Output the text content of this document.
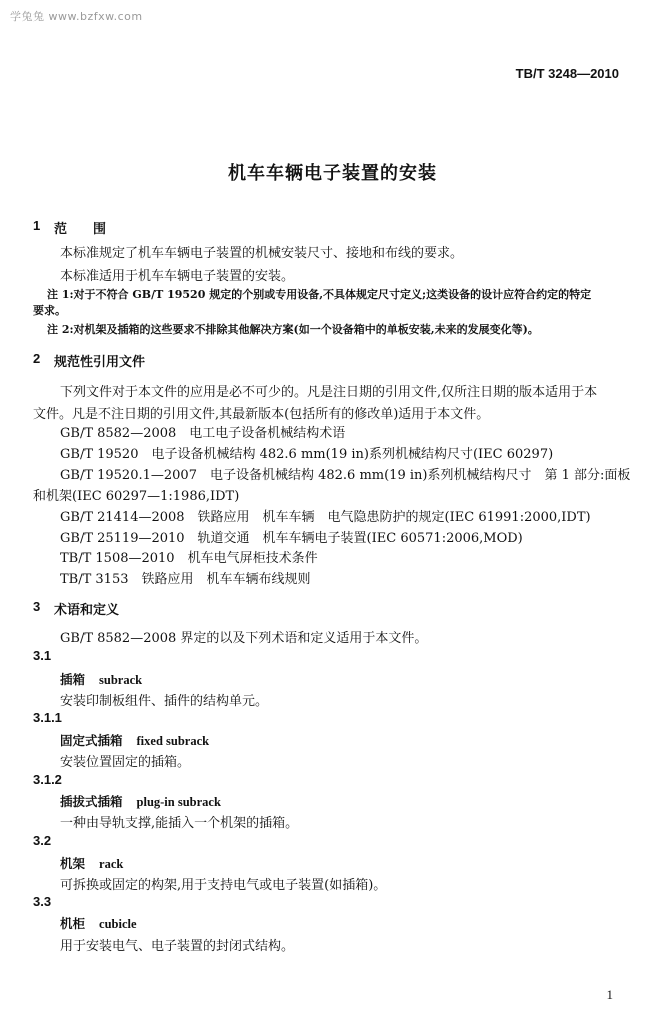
学兔兔 www.bzfxw.com
TB/T 3248—2010
机车车辆电子装置的安装
1 范　　围
本标准规定了机车车辆电子装置的机械安装尺寸、接地和布线的要求。
本标准适用于机车车辆电子装置的安装。
注 1:对于不符合 GB/T 19520 规定的个别或专用设备,不具体规定尺寸定义;这类设备的设计应符合约定的特定
要求。
注 2:对机架及插箱的这些要求不排除其他解决方案(如一个设备箱中的单板安装,未来的发展变化等)。
2 规范性引用文件
下列文件对于本文件的应用是必不可少的。凡是注日期的引用文件,仅所注日期的版本适用于本
文件。凡是不注日期的引用文件,其最新版本(包括所有的修改单)适用于本文件。
GB/T 8582—2008　电工电子设备机械结构术语
GB/T 19520　电子设备机械结构 482.6 mm(19 in)系列机械结构尺寸(IEC 60297)
GB/T 19520.1—2007　电子设备机械结构 482.6 mm(19 in)系列机械结构尺寸　第 1 部分:面板
和机架(IEC 60297—1:1986,IDT)
GB/T 21414—2008　铁路应用　机车车辆　电气隐患防护的规定(IEC 61991:2000,IDT)
GB/T 25119—2010　轨道交通　机车车辆电子装置(IEC 60571:2006,MOD)
TB/T 1508—2010　机车电气屏柜技术条件
TB/T 3153　铁路应用　机车车辆布线规则
3 术语和定义
GB/T 8582—2008 界定的以及下列术语和定义适用于本文件。
3.1
插箱 subrack
安装印制板组件、插件的结构单元。
3.1.1
固定式插箱 fixed subrack
安装位置固定的插箱。
3.1.2
插拔式插箱 plug-in subrack
一种由导轨支撑,能插入一个机架的插箱。
3.2
机架 rack
可拆换或固定的构架,用于支持电气或电子装置(如插箱)。
3.3
机柜 cubicle
用于安装电气、电子装置的封闭式结构。
1
